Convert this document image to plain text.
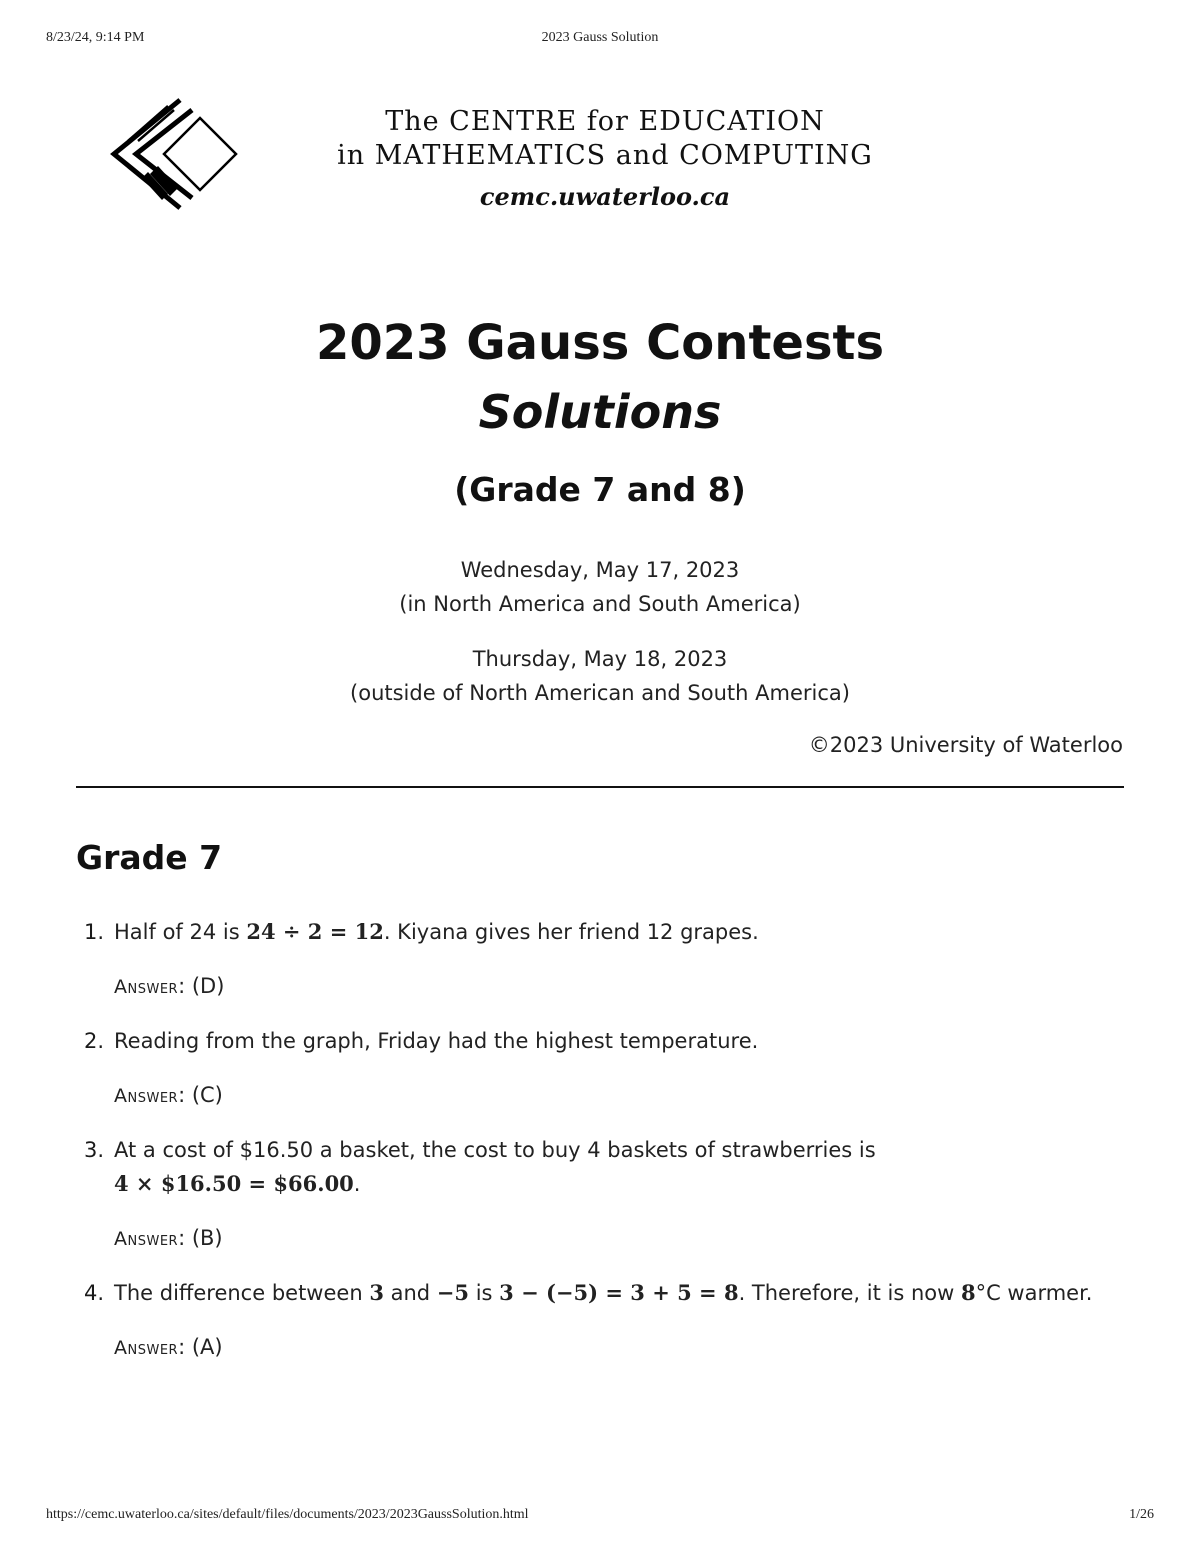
8/23/24, 9:14 PM	2023 Gauss Solution
The CENTRE for EDUCATION
in MATHEMATICS and COMPUTING
cemc.uwaterloo.ca
2023 Gauss Contests
Solutions
(Grade 7 and 8)
Wednesday, May 17, 2023
(in North America and South America)
Thursday, May 18, 2023
(outside of North American and South America)
©2023 University of Waterloo
Grade 7
1. Half of 24 is 24 ÷ 2 = 12. Kiyana gives her friend 12 grapes.
Answer: (D)
2. Reading from the graph, Friday had the highest temperature.
Answer: (C)
3. At a cost of $16.50 a basket, the cost to buy 4 baskets of strawberries is
4 × $16.50 = $66.00.
Answer: (B)
4. The difference between 3 and −5 is 3 − (−5) = 3 + 5 = 8. Therefore, it is now 8°C warmer.
Answer: (A)
https://cemc.uwaterloo.ca/sites/default/files/documents/2023/2023GaussSolution.html	1/26
